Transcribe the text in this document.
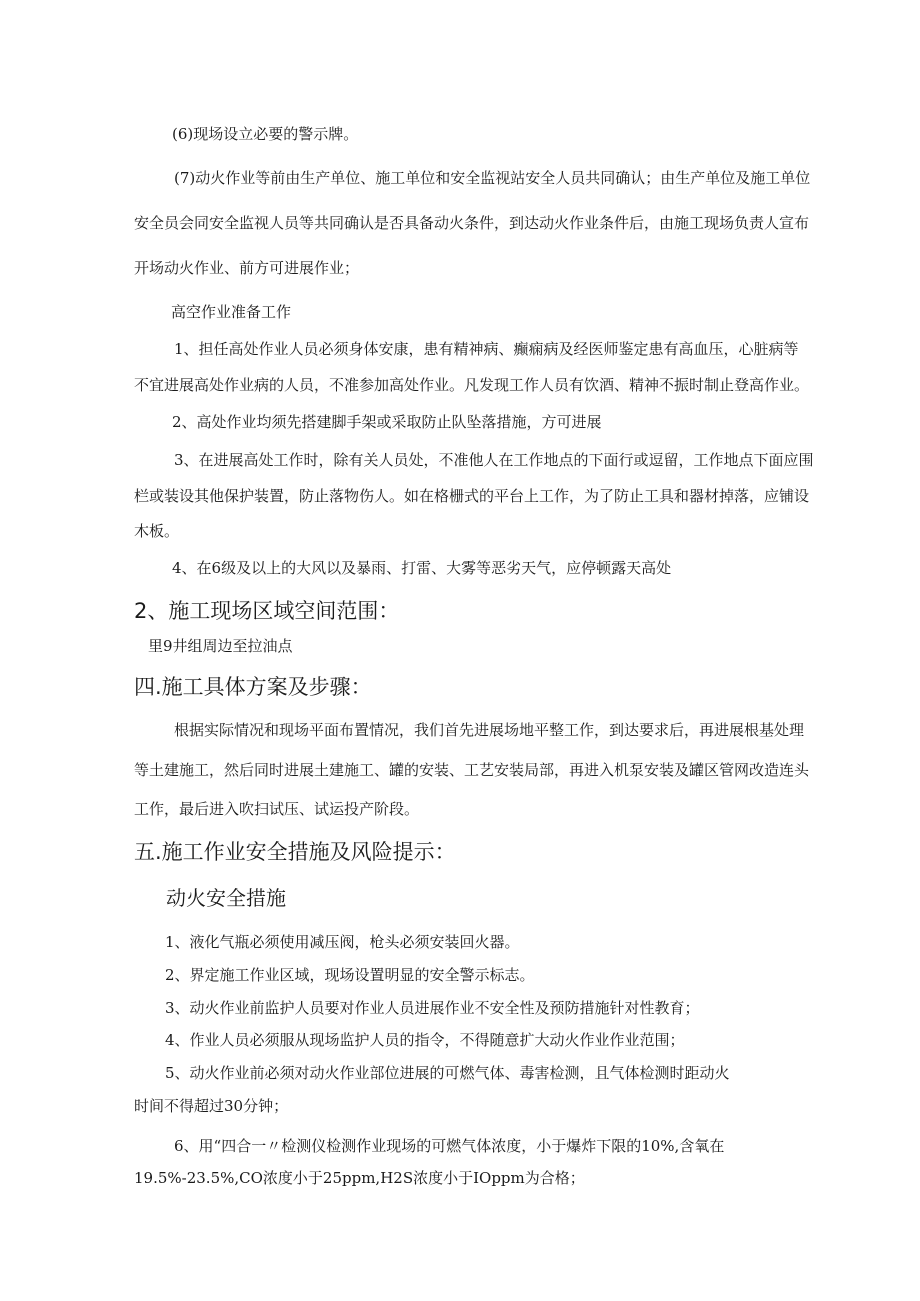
(6)现场设立必要的警示牌。
(7)动火作业等前由生产单位、施工单位和安全监视站安全人员共同确认；由生产单位及施工单位
安全员会同安全监视人员等共同确认是否具备动火条件，到达动火作业条件后，由施工现场负责人宣布
开场动火作业、前方可进展作业；
高空作业准备工作
1、担任高处作业人员必须身体安康，患有精神病、癫痫病及经医师鉴定患有高血压，心脏病等
不宜进展高处作业病的人员，不准参加高处作业。凡发现工作人员有饮酒、精神不振时制止登高作业。
2、高处作业均须先搭建脚手架或采取防止队坠落措施，方可进展
3、在进展高处工作时，除有关人员处，不准他人在工作地点的下面行或逗留，工作地点下面应围
栏或装设其他保护装置，防止落物伤人。如在格栅式的平台上工作，为了防止工具和器材掉落，应铺设
木板。
4、在6级及以上的大风以及暴雨、打雷、大雾等恶劣天气，应停顿露天高处
2、施工现场区域空间范围：
里9井组周边至拉油点
四.施工具体方案及步骤：
根据实际情况和现场平面布置情况，我们首先进展场地平整工作，到达要求后，再进展根基处理
等土建施工，然后同时进展土建施工、罐的安装、工艺安装局部，再进入机泵安装及罐区管网改造连头
工作，最后进入吹扫试压、试运投产阶段。
五.施工作业安全措施及风险提示：
动火安全措施
1、液化气瓶必须使用减压阀，枪头必须安装回火器。
2、界定施工作业区域，现场设置明显的安全警示标志。
3、动火作业前监护人员要对作业人员进展作业不安全性及预防措施针对性教育；
4、作业人员必须服从现场监护人员的指令，不得随意扩大动火作业作业范围；
5、动火作业前必须对动火作业部位进展的可燃气体、毒害检测，且气体检测时距动火
时间不得超过30分钟；
6、用“四合一〃检测仪检测作业现场的可燃气体浓度，小于爆炸下限的10%,含氧在
19.5%-23.5%,CO浓度小于25ppm,H2S浓度小于IOppm为合格；
